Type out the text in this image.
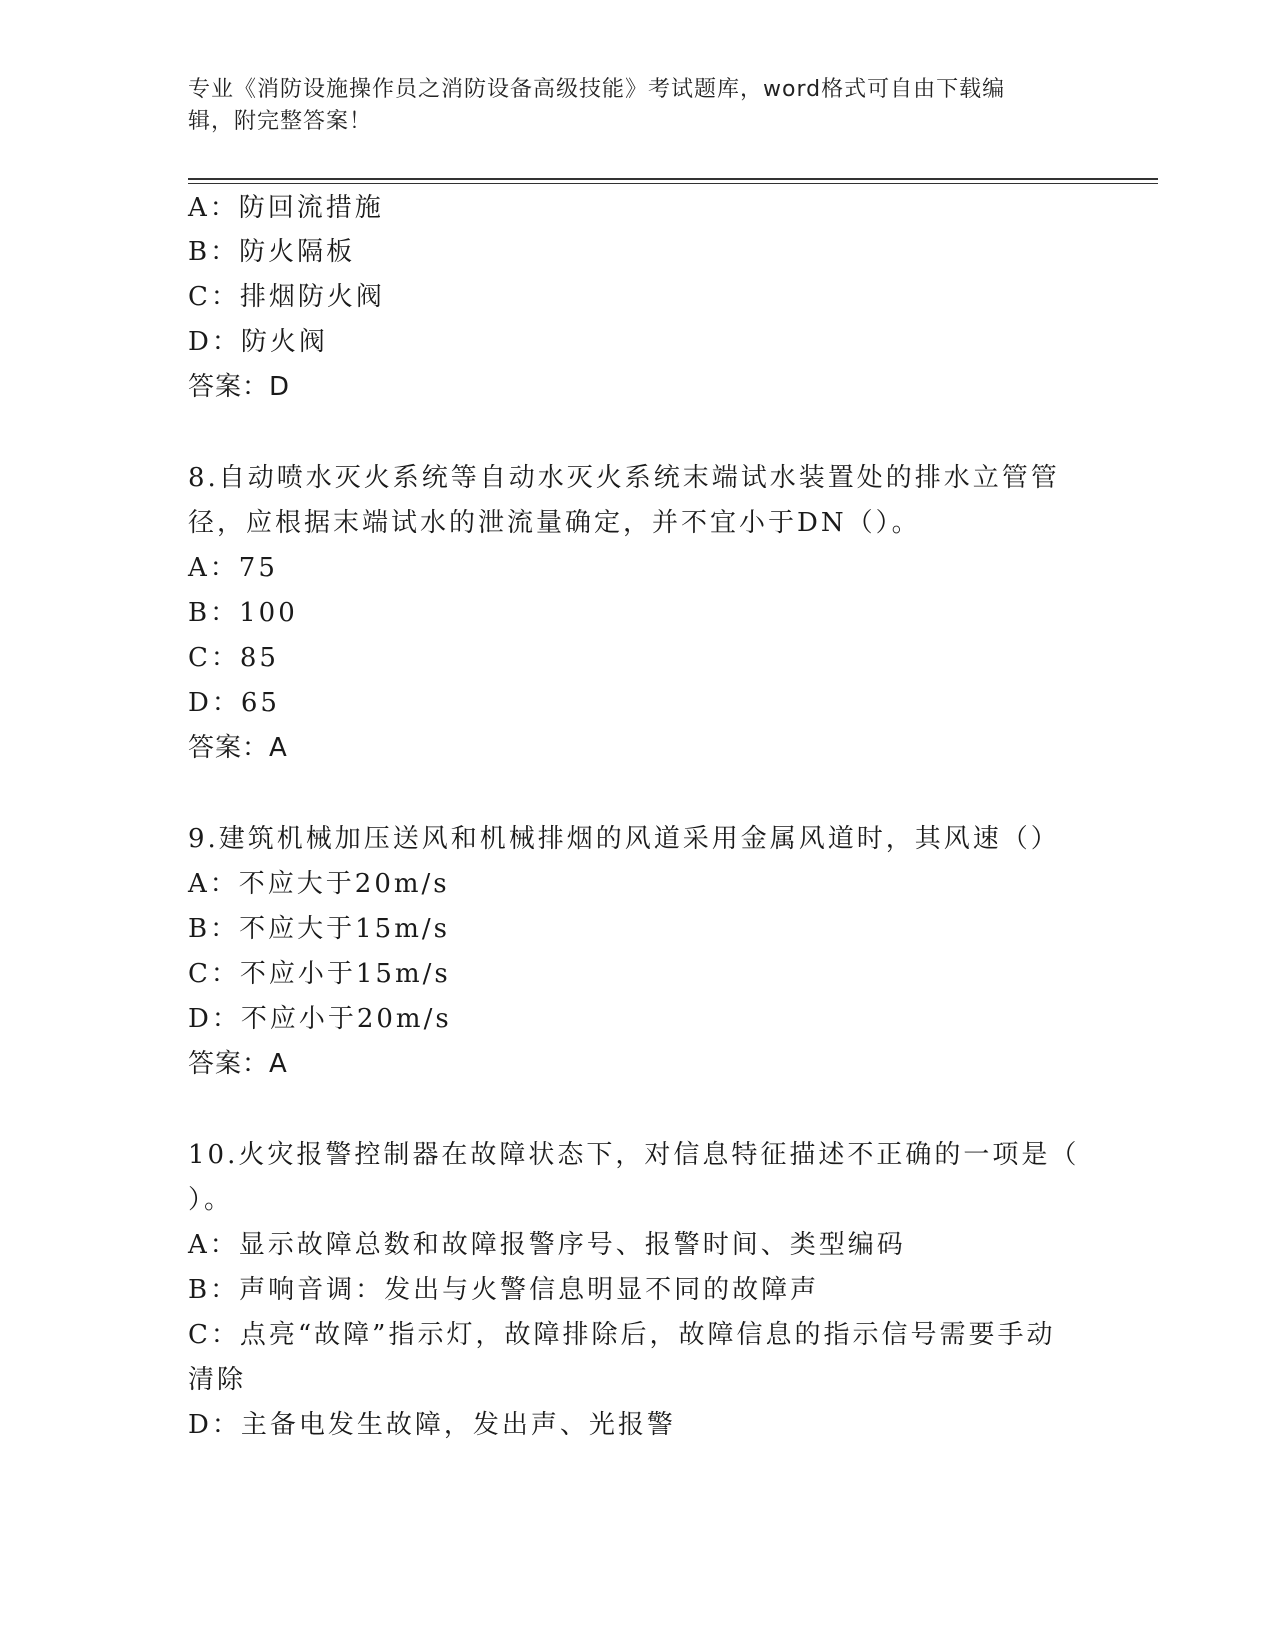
专业《消防设施操作员之消防设备高级技能》考试题库，word格式可自由下载编
辑，附完整答案！
A：防回流措施
B：防火隔板
C：排烟防火阀
D：防火阀
答案：D
8.自动喷水灭火系统等自动水灭火系统末端试水装置处的排水立管管
径，应根据末端试水的泄流量确定，并不宜小于DN（）。
A：75
B：100
C：85
D：65
答案：A
9.建筑机械加压送风和机械排烟的风道采用金属风道时，其风速（）
A：不应大于20m/s
B：不应大于15m/s
C：不应小于15m/s
D：不应小于20m/s
答案：A
10.火灾报警控制器在故障状态下，对信息特征描述不正确的一项是（
）。
A：显示故障总数和故障报警序号、报警时间、类型编码
B：声响音调：发出与火警信息明显不同的故障声
C：点亮“故障”指示灯，故障排除后，故障信息的指示信号需要手动
清除
D：主备电发生故障，发出声、光报警
